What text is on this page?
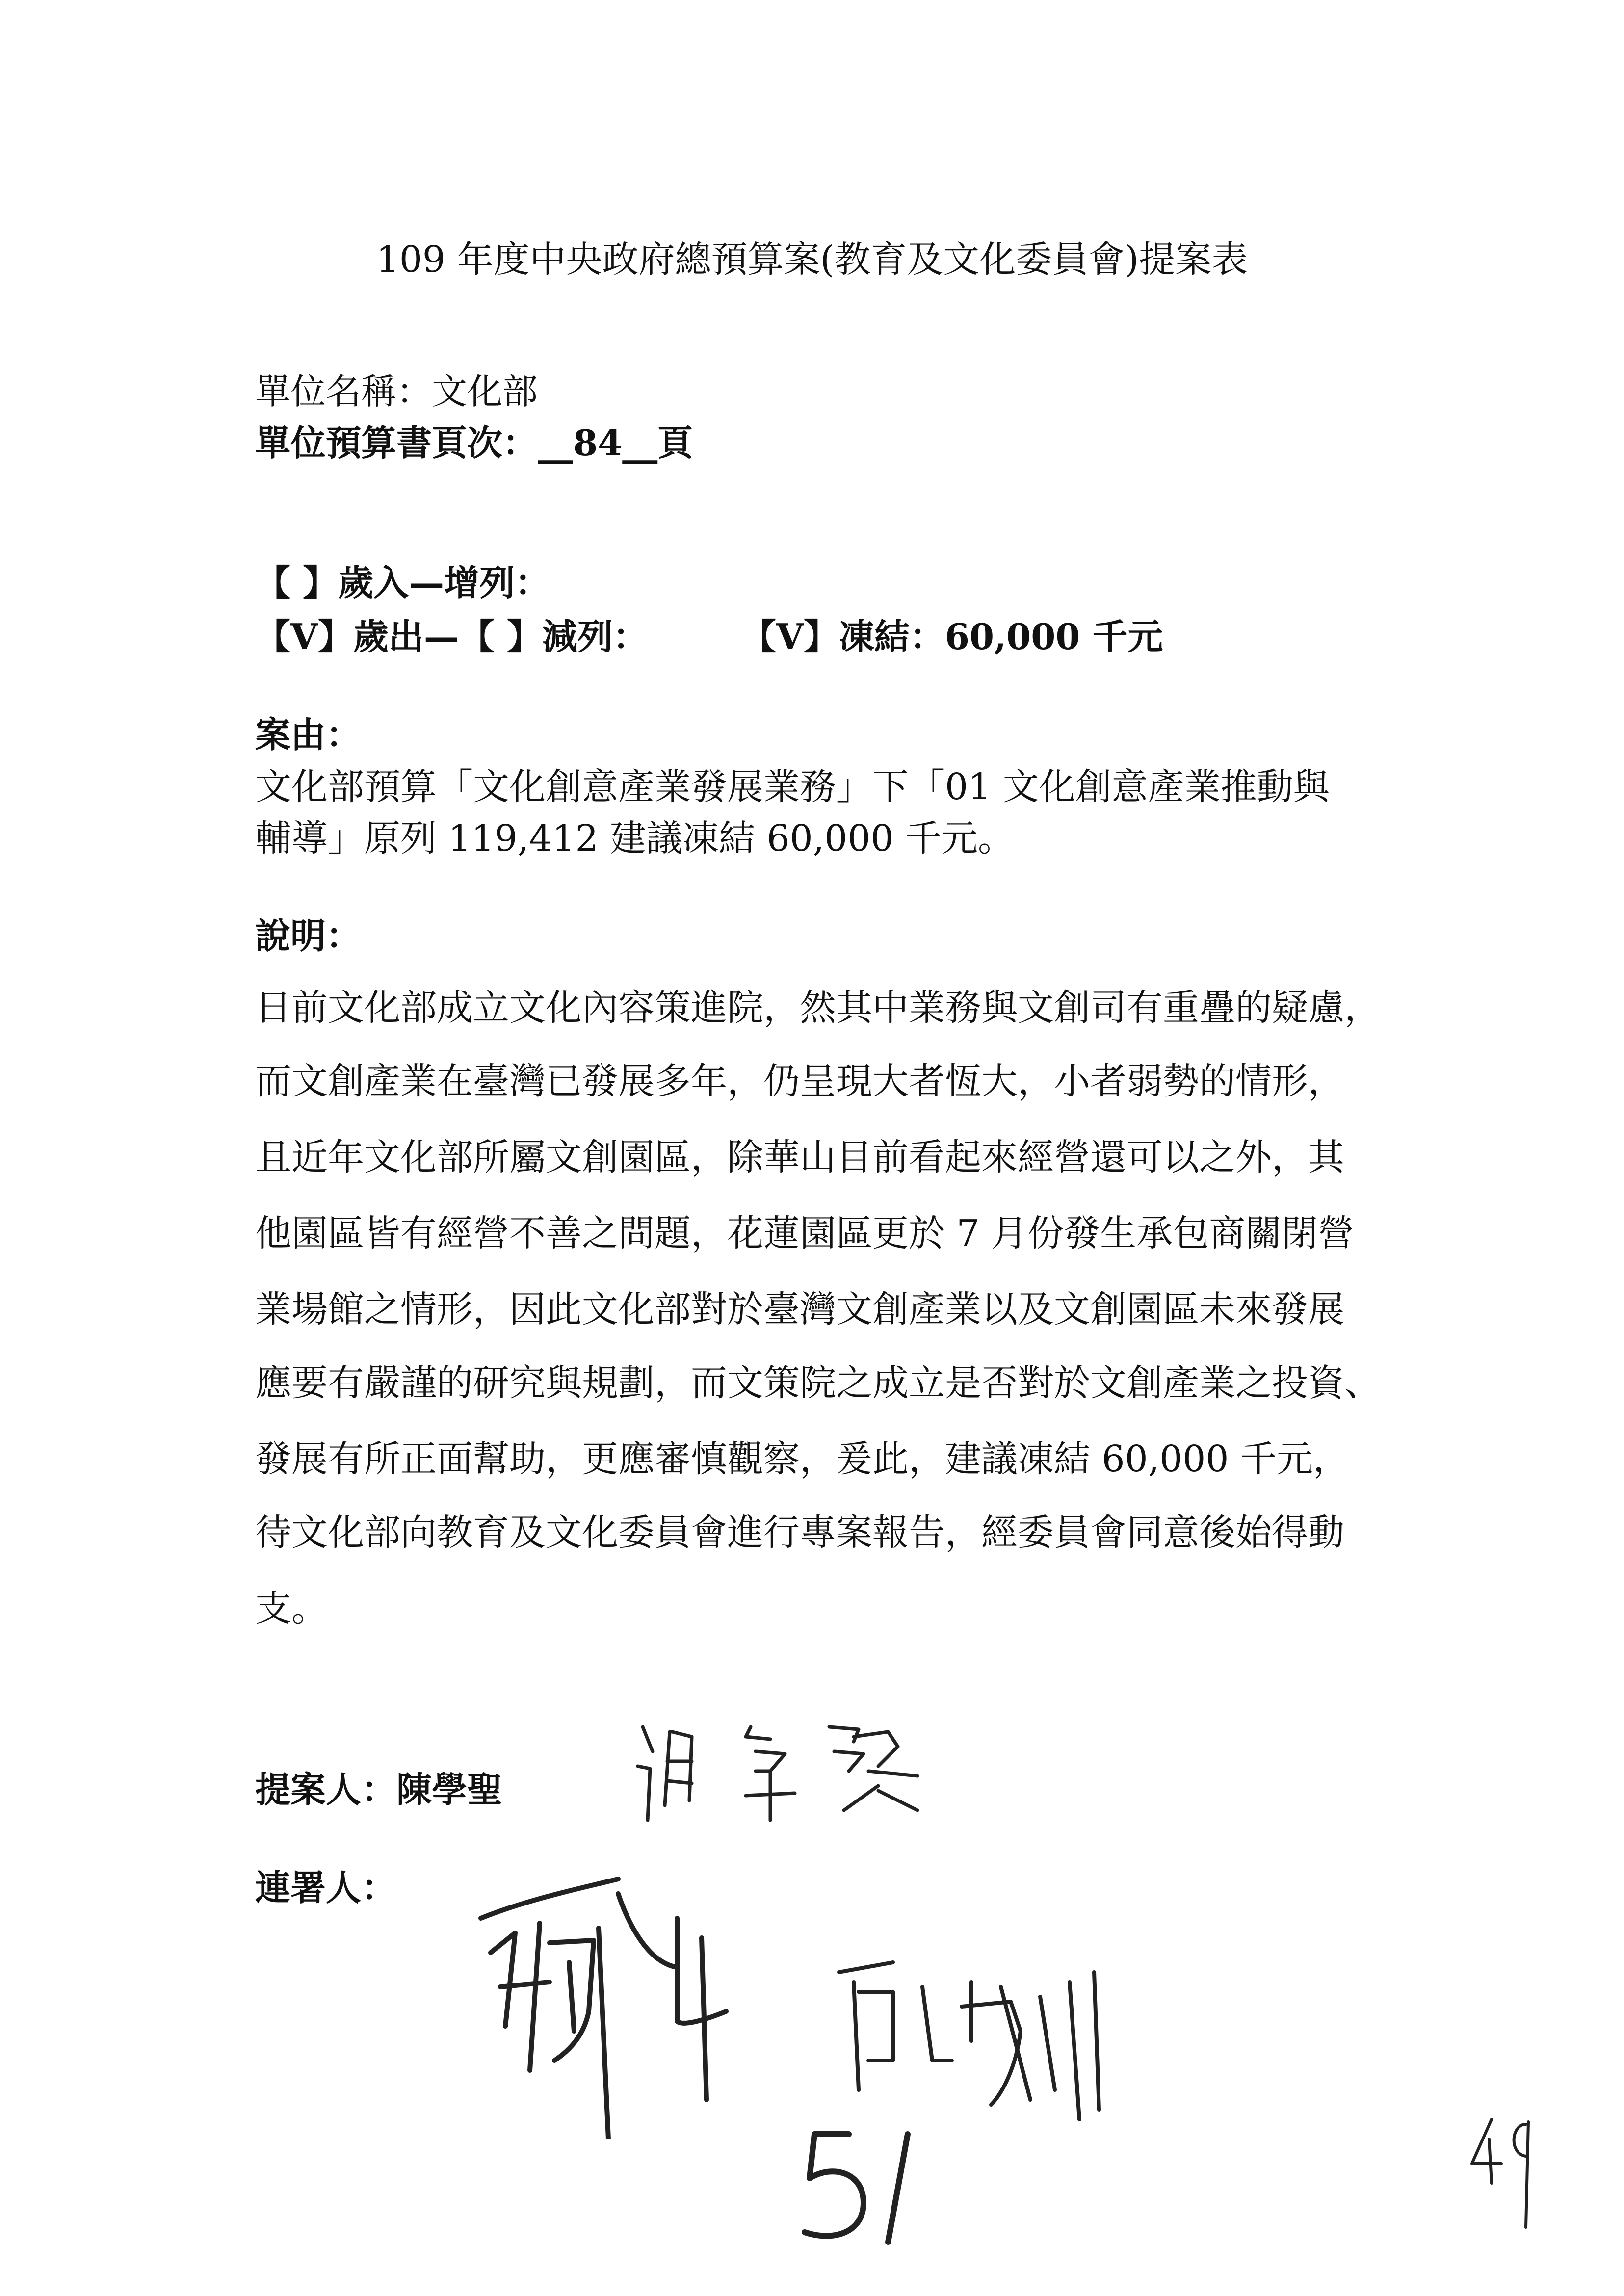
109 年度中央政府總預算案(教育及文化委員會)提案表
單位名稱：文化部
單位預算書頁次：__84__頁
【 】歲入—增列：
【V】歲出—【 】減列：	【V】凍結：60,000 千元
案由：
文化部預算「文化創意產業發展業務」下「01 文化創意產業推動與
輔導」原列 119,412 建議凍結 60,000 千元。
說明：
日前文化部成立文化內容策進院，然其中業務與文創司有重疊的疑慮，
而文創產業在臺灣已發展多年，仍呈現大者恆大，小者弱勢的情形，
且近年文化部所屬文創園區，除華山目前看起來經營還可以之外，其
他園區皆有經營不善之問題，花蓮園區更於 7 月份發生承包商關閉營
業場館之情形，因此文化部對於臺灣文創產業以及文創園區未來發展
應要有嚴謹的研究與規劃，而文策院之成立是否對於文創產業之投資、
發展有所正面幫助，更應審慎觀察，爰此，建議凍結 60,000 千元，
待文化部向教育及文化委員會進行專案報告，經委員會同意後始得動
支。
提案人：陳學聖
連署人：
